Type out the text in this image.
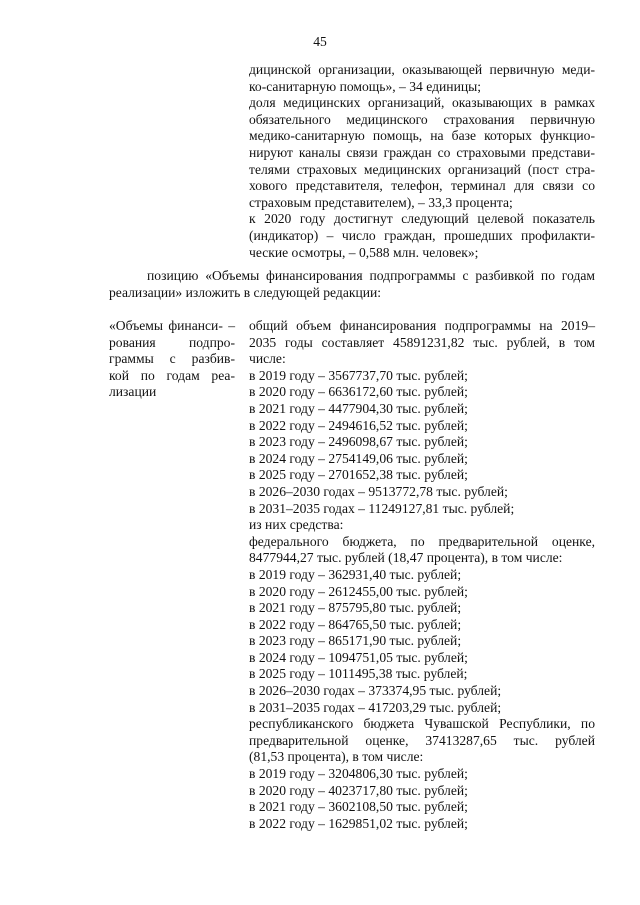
45
дицинской организации, оказывающей первичную меди-
ко-санитарную помощь», – 34 единицы;
доля медицинских организаций, оказывающих в рамках
обязательного медицинского страхования первичную
медико-санитарную помощь, на базе которых функцио-
нируют каналы связи граждан со страховыми представи-
телями страховых медицинских организаций (пост стра-
хового представителя, телефон, терминал для связи со
страховым представителем), – 33,3 процента;
к 2020 году достигнут следующий целевой показатель
(индикатор) – число граждан, прошедших профилакти-
ческие осмотры, – 0,588 млн. человек»;
позицию «Объемы финансирования подпрограммы с разбивкой по годам
реализации» изложить в следующей редакции:
«Объемы финанси- –
рования подпро-
граммы с разбив-
кой по годам реа-
лизации
общий объем финансирования подпрограммы на 2019–
2035 годы составляет 45891231,82 тыс. рублей, в том
числе:
в 2019 году – 3567737,70 тыс. рублей;
в 2020 году – 6636172,60 тыс. рублей;
в 2021 году – 4477904,30 тыс. рублей;
в 2022 году – 2494616,52 тыс. рублей;
в 2023 году – 2496098,67 тыс. рублей;
в 2024 году – 2754149,06 тыс. рублей;
в 2025 году – 2701652,38 тыс. рублей;
в 2026–2030 годах – 9513772,78 тыс. рублей;
в 2031–2035 годах – 11249127,81 тыс. рублей;
из них средства:
федерального бюджета, по предварительной оценке,
8477944,27 тыс. рублей (18,47 процента), в том числе:
в 2019 году – 362931,40 тыс. рублей;
в 2020 году – 2612455,00 тыс. рублей;
в 2021 году – 875795,80 тыс. рублей;
в 2022 году – 864765,50 тыс. рублей;
в 2023 году – 865171,90 тыс. рублей;
в 2024 году – 1094751,05 тыс. рублей;
в 2025 году – 1011495,38 тыс. рублей;
в 2026–2030 годах – 373374,95 тыс. рублей;
в 2031–2035 годах – 417203,29 тыс. рублей;
республиканского бюджета Чувашской Республики, по
предварительной оценке, 37413287,65 тыс. рублей
(81,53 процента), в том числе:
в 2019 году – 3204806,30 тыс. рублей;
в 2020 году – 4023717,80 тыс. рублей;
в 2021 году – 3602108,50 тыс. рублей;
в 2022 году – 1629851,02 тыс. рублей;
